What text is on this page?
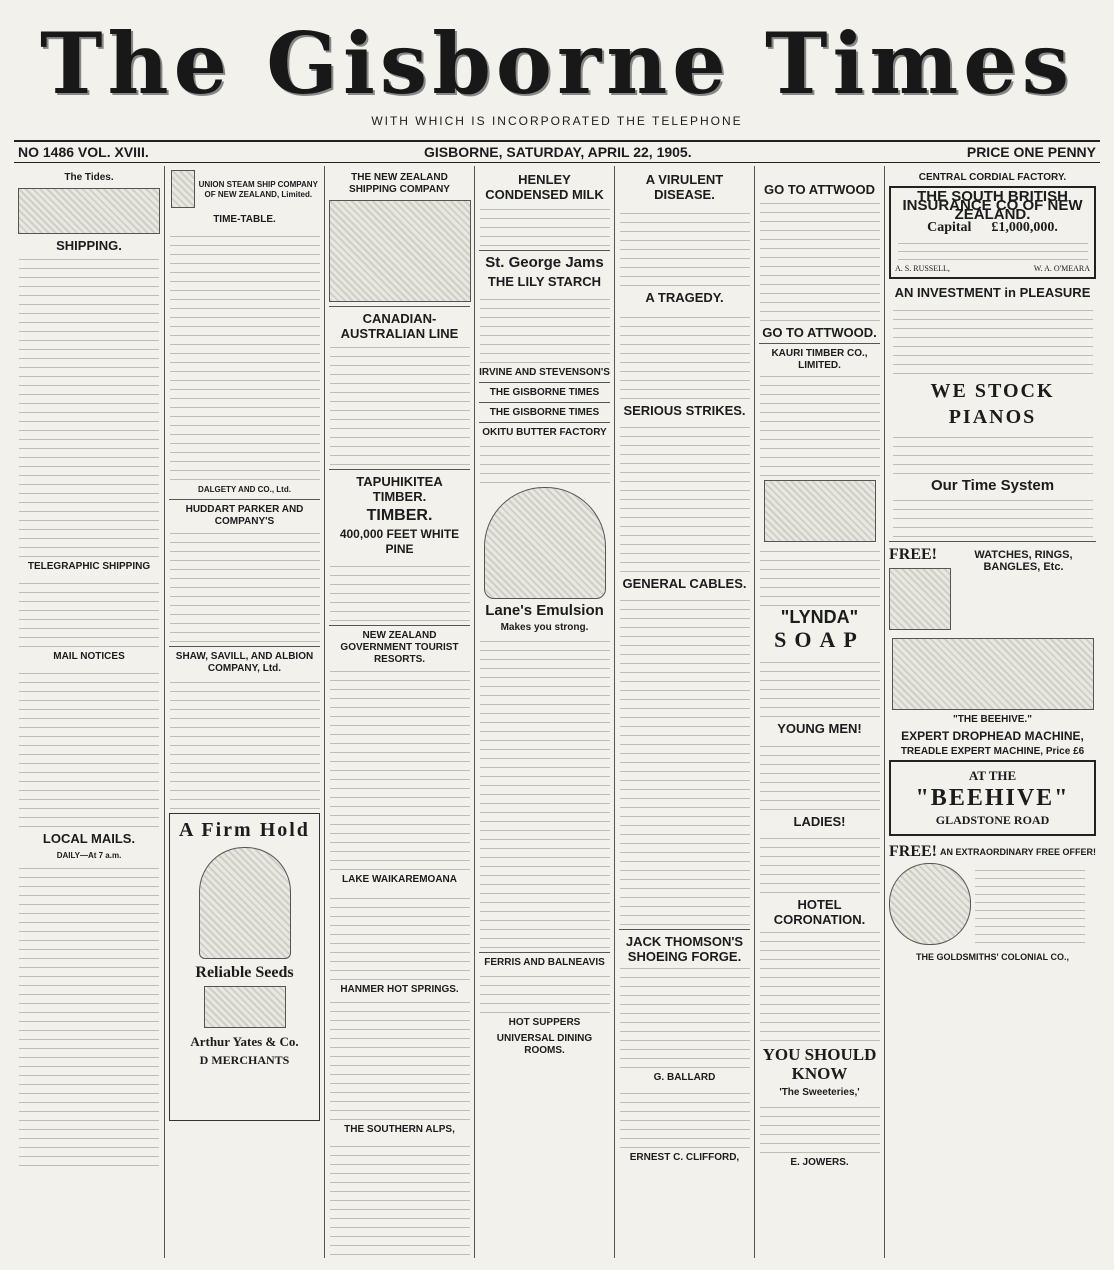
The Gisborne Times
WITH WHICH IS INCORPORATED THE TELEPHONE
NO 1486 VOL. XVIII.	GISBORNE, SATURDAY, APRIL 22, 1905.	PRICE ONE PENNY
The Tides.
SHIPPING.
TELEGRAPHIC SHIPPING
MAIL NOTICES
LOCAL MAILS.
DAILY—At 7 a.m.
UNION STEAM SHIP COMPANY OF NEW ZEALAND, Limited.
TIME-TABLE.
DALGETY AND CO., Ltd.
HUDDART PARKER AND COMPANY'S
SHAW, SAVILL, AND ALBION COMPANY, Ltd.
A Firm Hold
Reliable Seeds
Arthur Yates & Co.
D MERCHANTS
THE NEW ZEALAND SHIPPING COMPANY
CANADIAN-AUSTRALIAN LINE
TAPUHIKITEA TIMBER.
TIMBER.
400,000 FEET WHITE PINE
NEW ZEALAND GOVERNMENT TOURIST RESORTS.
LAKE WAIKAREMOANA
HANMER HOT SPRINGS.
THE SOUTHERN ALPS,
HENLEY CONDENSED MILK
St. George Jams
THE LILY STARCH
IRVINE AND STEVENSON'S
THE GISBORNE TIMES
THE GISBORNE TIMES
OKITU BUTTER FACTORY
Lane's Emulsion
Makes you strong.
FERRIS AND BALNEAVIS
HOT SUPPERS
UNIVERSAL DINING ROOMS.
A VIRULENT DISEASE.
A TRAGEDY.
SERIOUS STRIKES.
GENERAL CABLES.
JACK THOMSON'S SHOEING FORGE.
G. BALLARD
ERNEST C. CLIFFORD,
GO TO ATTWOOD
GO TO ATTWOOD.
KAURI TIMBER CO., LIMITED.
"LYNDA"
SOAP
YOUNG MEN!
LADIES!
HOTEL CORONATION.
YOU SHOULD KNOW
'The Sweeteries,'
E. JOWERS.
CENTRAL CORDIAL FACTORY.
THE SOUTH BRITISH INSURANCE CO OF NEW ZEALAND.
Capital £1,000,000.
A. S. RUSSELL,	W. A. O'MEARA
AN INVESTMENT in PLEASURE
WE STOCK PIANOS
Our Time System
FREE!	WATCHES, RINGS, BANGLES, Etc.
"THE BEEHIVE."
EXPERT DROPHEAD MACHINE,
TREADLE EXPERT MACHINE, Price £6
AT THE "BEEHIVE"
GLADSTONE ROAD
FREE! AN EXTRAORDINARY FREE OFFER!
THE GOLDSMITHS' COLONIAL CO.,
